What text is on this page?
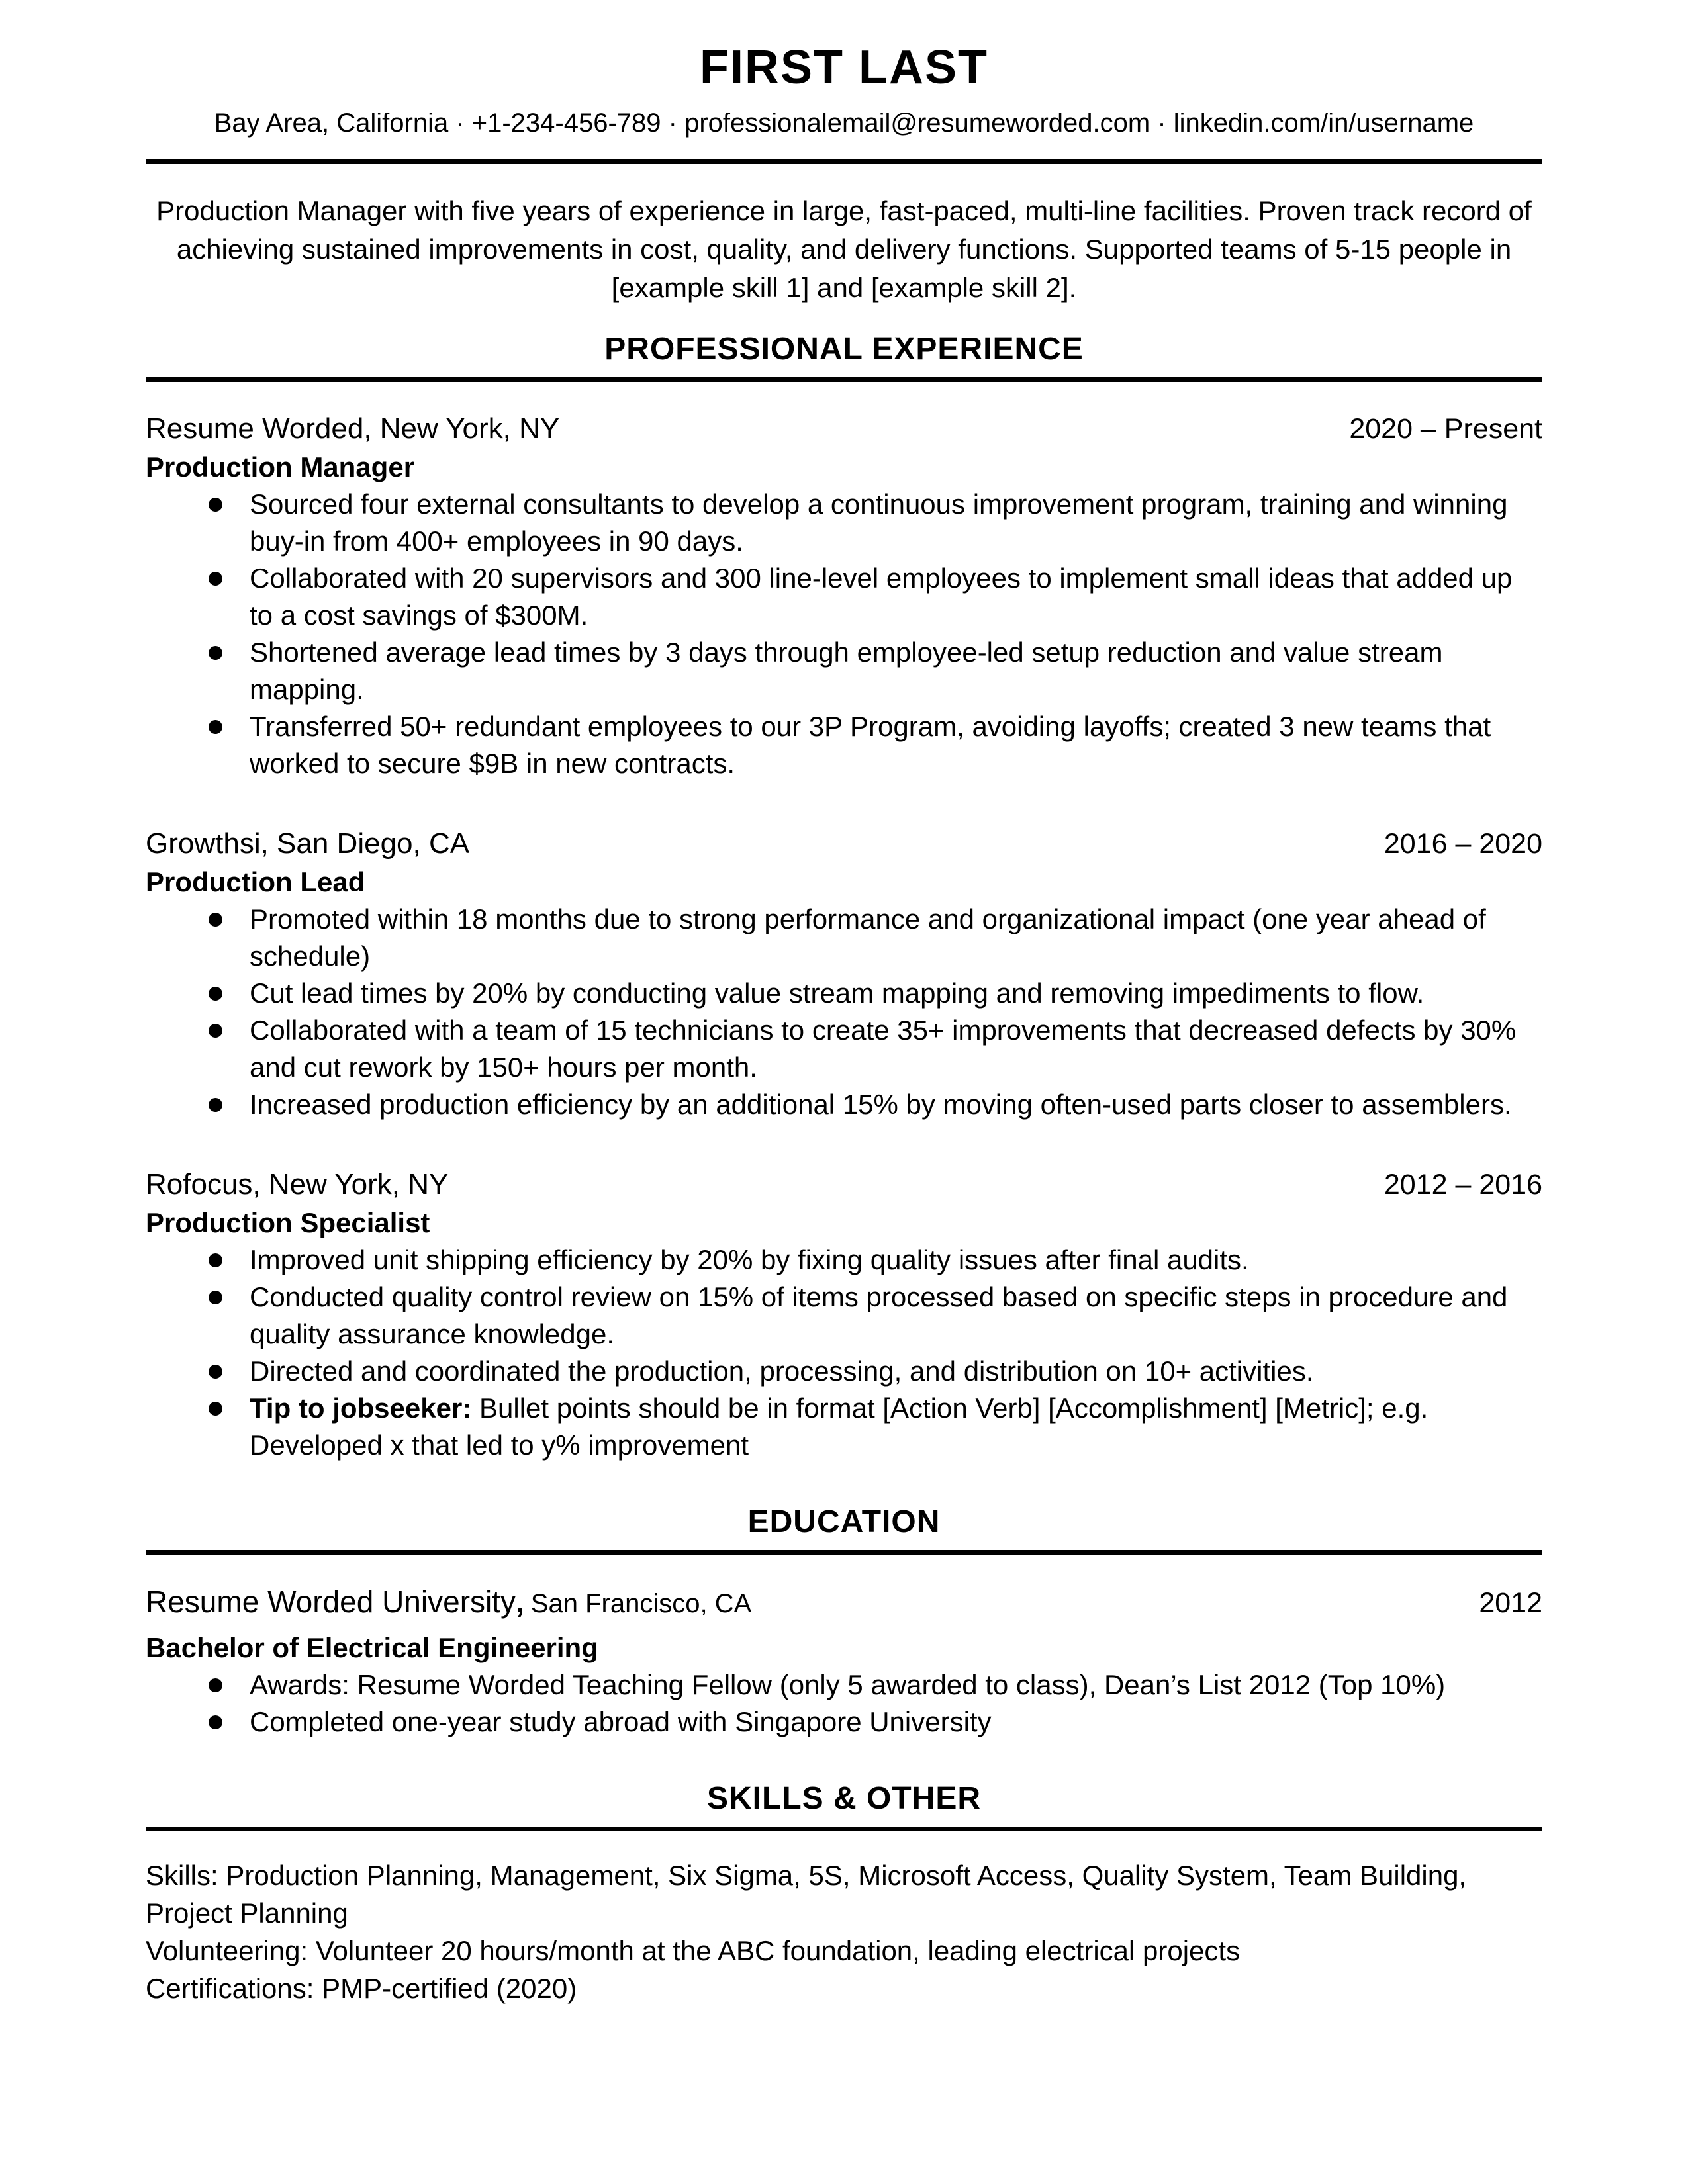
FIRST LAST
Bay Area, California · +1-234-456-789 · professionalemail@resumeworded.com · linkedin.com/in/username

Production Manager with five years of experience in large, fast-paced, multi-line facilities. Proven track record of achieving sustained improvements in cost, quality, and delivery functions. Supported teams of 5-15 people in [example skill 1] and [example skill 2].

PROFESSIONAL EXPERIENCE
Resume Worded, New York, NY	2020 – Present
Production Manager
Sourced four external consultants to develop a continuous improvement program, training and winning buy-in from 400+ employees in 90 days.
Collaborated with 20 supervisors and 300 line-level employees to implement small ideas that added up to a cost savings of $300M.
Shortened average lead times by 3 days through employee-led setup reduction and value stream mapping.
Transferred 50+ redundant employees to our 3P Program, avoiding layoffs; created 3 new teams that worked to secure $9B in new contracts.
Growthsi, San Diego, CA	2016 – 2020
Production Lead
Promoted within 18 months due to strong performance and organizational impact (one year ahead of schedule)
Cut lead times by 20% by conducting value stream mapping and removing impediments to flow.
Collaborated with a team of 15 technicians to create 35+ improvements that decreased defects by 30% and cut rework by 150+ hours per month.
Increased production efficiency by an additional 15% by moving often-used parts closer to assemblers.
Rofocus, New York, NY	2012 – 2016
Production Specialist
Improved unit shipping efficiency by 20% by fixing quality issues after final audits.
Conducted quality control review on 15% of items processed based on specific steps in procedure and quality assurance knowledge.
Directed and coordinated the production, processing, and distribution on 10+ activities.
Tip to jobseeker: Bullet points should be in format [Action Verb] [Accomplishment] [Metric]; e.g. Developed x that led to y% improvement
EDUCATION
Resume Worded University, San Francisco, CA	2012
Bachelor of Electrical Engineering
Awards: Resume Worded Teaching Fellow (only 5 awarded to class), Dean’s List 2012 (Top 10%)
Completed one-year study abroad with Singapore University
SKILLS & OTHER

Skills: Production Planning, Management, Six Sigma, 5S, Microsoft Access, Quality System, Team Building, Project Planning

Volunteering: Volunteer 20 hours/month at the ABC foundation, leading electrical projects

Certifications: PMP-certified (2020)
